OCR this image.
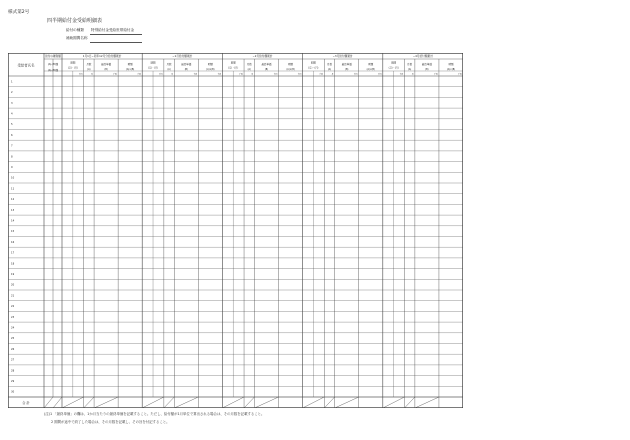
様式第2号
四半期給付金受給明細表
給付の種類 特別給付金受給世帯給付金
補助期間名称
受給者氏名
給付の種別額
(A)-(B)額
(A)-(B)額
1月1日~同年12月分給付額累計
期間
(月)・(日)
千円
月数
(A)
月
最終単価
(B)
千円
期額
(A)×(B)
千円
~1月給付額累計
期間
(月)・(日)
千円
月数
(A)
月
最終単価
(B)
千円
期額
(A)×(B)
千円
~2月給付額累計
期間
(月)・(日)
千円
月数
(A)
月
最終単価
(B)
千円
期額
(A)×(B)
千円
~3月給付額累計
期間
(月)・(日)
千円
月数
(A)
月
最終単価
(B)
千円
期額
(A)×(B)
千円
~4月給付額累計
期間
(月)・(日)
千円
月数
(A)
月
最終単価
(B)
千円
期額
(A)×(B)
千円
1
2
3
4
5
6
7
8
9
10
11
12
13
14
15
16
17
18
19
20
21
22
23
24
25
26
27
28
29
30
合 計
(注)1 「最終単価」の欄は、1か月当たりの最終単価を記載すること。ただし、給付額が1月単位で算出される場合は、その月数を記載すること。
2 期間が途中で終了した場合は、その月数を記載し、その旨を付記すること。
